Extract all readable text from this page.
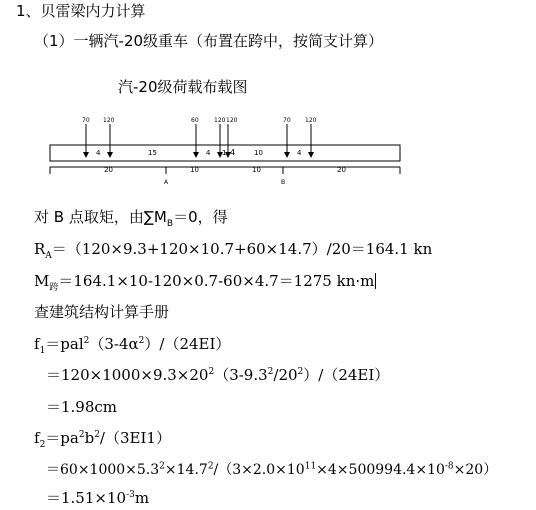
1、贝雷梁内力计算
（1）一辆汽-20级重车（布置在跨中，按简支计算）
汽-20级荷载布载图
70 120	60	120 120	70 120
4	15	4 1 4	10	4
20	10	10	20
A	B
对 B 点取矩，由$\sum M_B=0$，得
$R_A=(120\times 9.3+120\times 10.7+60\times 14.7)/20=164.1$ kn
$M_跨=164.1\times 10-120\times 0.7-60\times 4.7=1275$ kn·m
查建筑结构计算手册
$f_1=pal^2(3-4\alpha^2)/(24EI)$
$=120\times 1000\times 9.3\times 20^2(3-9.3^2/20^2)/(24EI)$
＝1.98cm
$f_2=pa^2b^2/(3EI1)$
$=60\times 1000\times 5.3^2\times 14.7^2/(3\times 2.0\times 10^{11}\times 4\times 500994.4\times 10^{-8}\times 20)$
$=1.51\times 10^{-3}m$
